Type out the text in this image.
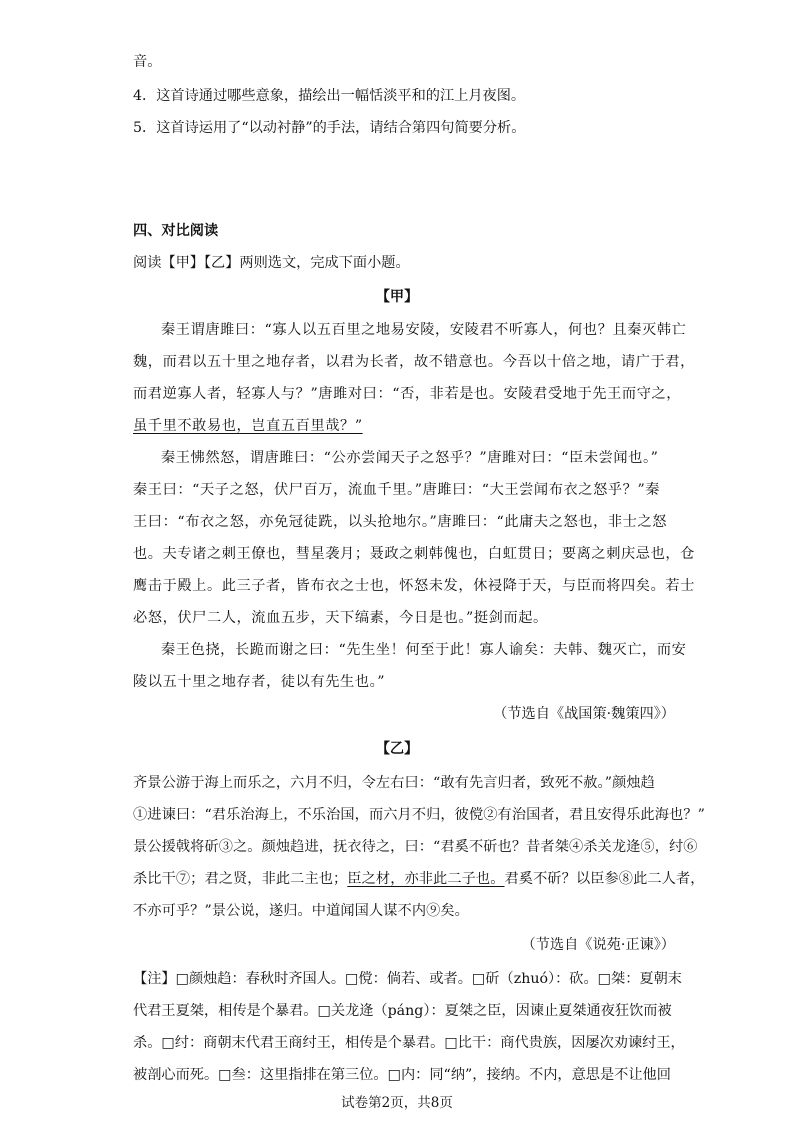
音。
4．这首诗通过哪些意象，描绘出一幅恬淡平和的江上月夜图。
5．这首诗运用了“以动衬静”的手法，请结合第四句简要分析。
四、对比阅读
阅读【甲】【乙】两则选文，完成下面小题。
【甲】
秦王谓唐雎曰：“寡人以五百里之地易安陵，安陵君不听寡人，何也？且秦灭韩亡
魏，而君以五十里之地存者，以君为长者，故不错意也。今吾以十倍之地，请广于君，
而君逆寡人者，轻寡人与？”唐雎对曰：“否，非若是也。安陵君受地于先王而守之，
虽千里不敢易也，岂直五百里哉？”
秦王怫然怒，谓唐雎曰：“公亦尝闻天子之怒乎？”唐雎对曰：“臣未尝闻也。”
秦王曰：“天子之怒，伏尸百万，流血千里。”唐雎曰：“大王尝闻布衣之怒乎？”秦
王曰：“布衣之怒，亦免冠徒跣，以头抢地尔。”唐雎曰：“此庸夫之怒也，非士之怒
也。夫专诸之刺王僚也，彗星袭月；聂政之刺韩傀也，白虹贯日；要离之刺庆忌也，仓
鹰击于殿上。此三子者，皆布衣之士也，怀怒未发，休祲降于天，与臣而将四矣。若士
必怒，伏尸二人，流血五步，天下缟素，今日是也。”挺剑而起。
秦王色挠，长跪而谢之曰：“先生坐！何至于此！寡人谕矣：夫韩、魏灭亡，而安
陵以五十里之地存者，徒以有先生也。”
（节选自《战国策·魏策四》）
【乙】
齐景公游于海上而乐之，六月不归，令左右曰：“敢有先言归者，致死不赦。”颜烛趋
①进谏曰：“君乐治海上，不乐治国，而六月不归，彼傥②有治国者，君且安得乐此海也？”
景公援戟将斫③之。颜烛趋进，抚衣待之，曰：“君奚不斫也？昔者桀④杀关龙逄⑤，纣⑥
杀比干⑦；君之贤，非此二主也；臣之材，亦非此二子也。君奚不斫？以臣参⑧此二人者，
不亦可乎？”景公说，遂归。中道闻国人谋不内⑨矣。
（节选自《说苑·正谏》）
【注】□颜烛趋：春秋时齐国人。□傥：倘若、或者。□斫（zhuó）：砍。□桀：夏朝末
代君王夏桀，相传是个暴君。□关龙逄（páng）：夏桀之臣，因谏止夏桀通夜狂饮而被
杀。□纣：商朝末代君王商纣王，相传是个暴君。□比干：商代贵族，因屡次劝谏纣王，
被剖心而死。□叁：这里指排在第三位。□内：同“纳”，接纳。不内，意思是不让他回
试卷第2页，共8页
